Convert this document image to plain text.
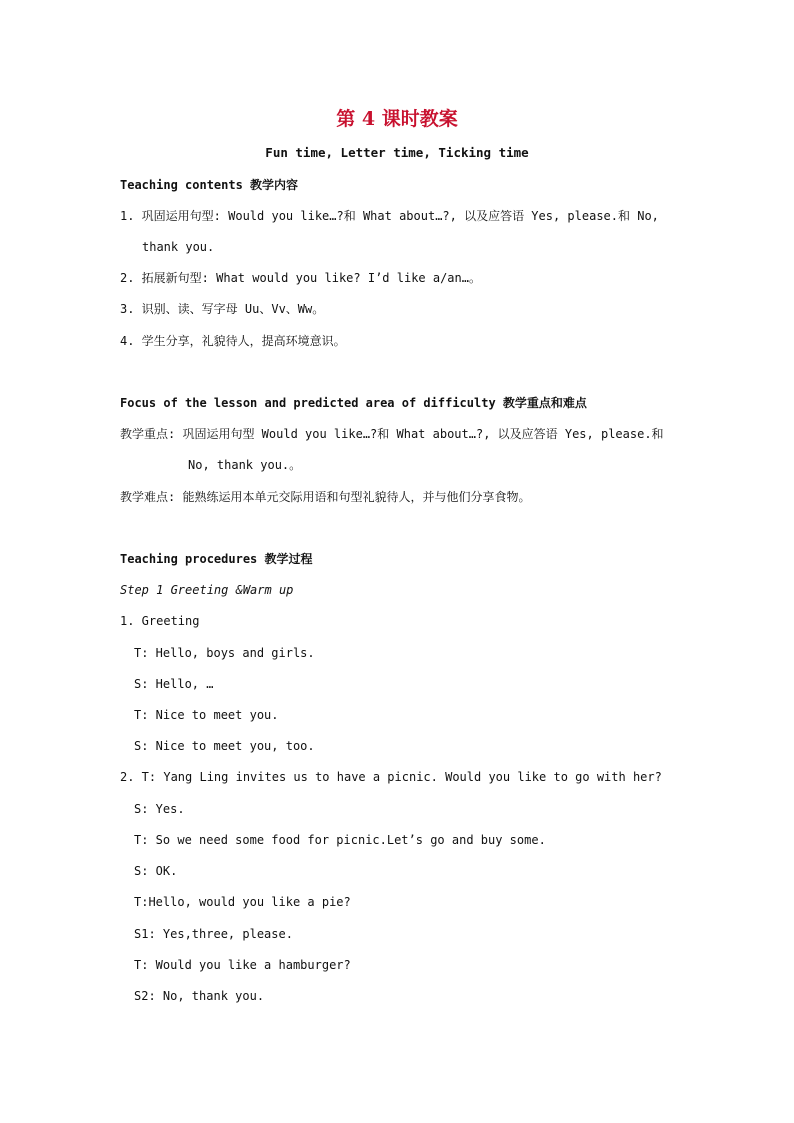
第 4 课时教案
Fun time, Letter time, Ticking time
Teaching contents 教学内容
1. 巩固运用句型: Would you like…?和 What about…?, 以及应答语 Yes, please.和 No,
thank you.
2. 拓展新句型: What would you like? I’d like a/an…。
3. 识别、读、写字母 Uu、Vv、Ww。
4. 学生分享，礼貌待人，提高环境意识。
Focus of the lesson and predicted area of difficulty 教学重点和难点
教学重点: 巩固运用句型 Would you like…?和 What about…?, 以及应答语 Yes, please.和
No, thank you.。
教学难点: 能熟练运用本单元交际用语和句型礼貌待人，并与他们分享食物。
Teaching procedures 教学过程
Step 1 Greeting &Warm up
1. Greeting
T: Hello, boys and girls.
S: Hello, …
T: Nice to meet you.
S: Nice to meet you, too.
2. T: Yang Ling invites us to have a picnic. Would you like to go with her?
S: Yes.
T: So we need some food for picnic.Let’s go and buy some.
S: OK.
T:Hello, would you like a pie?
S1: Yes,three, please.
T: Would you like a hamburger?
S2: No, thank you.
